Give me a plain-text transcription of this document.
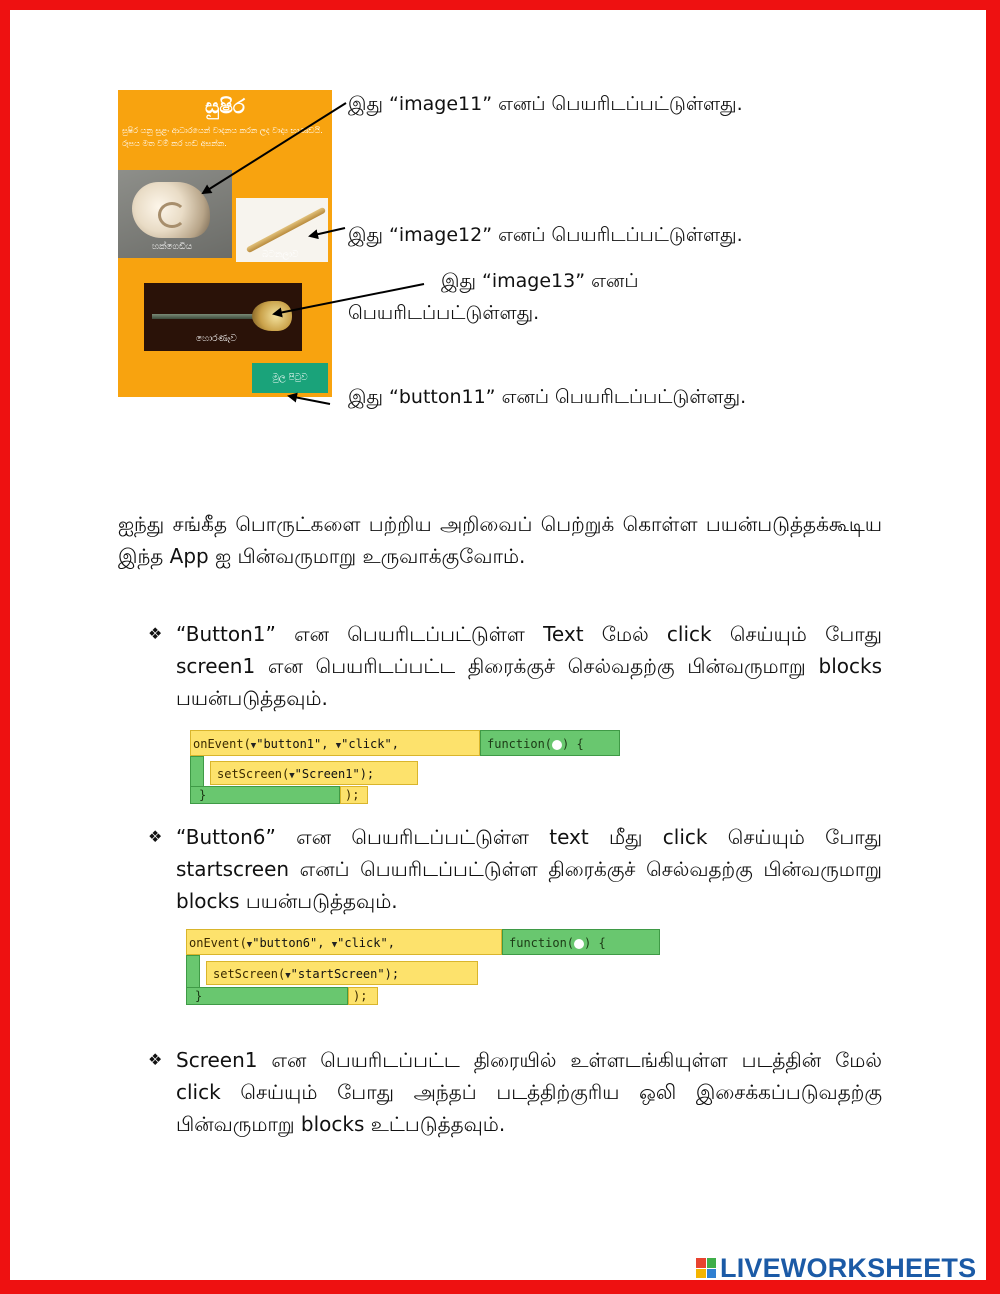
සුෂිර
සුෂිර යනු සුළං ආධාරයෙන් වාදනය කරන ලද වාද්‍ය භාණ්ඩයි. රූපය මත වම් කර හඬ අසන්න.
හක්ගෙඩිය
බටනලාව
හොරණෑව
මුල පිටුව
இது “image11” எனப் பெயரிடப்பட்டுள்ளது.
இது “image12” எனப் பெயரிடப்பட்டுள்ளது.
இது “image13” எனப்
பெயரிடப்பட்டுள்ளது.
இது “button11” எனப் பெயரிடப்பட்டுள்ளது.
ஐந்து சங்கீத பொருட்களை பற்றிய அறிவைப் பெற்றுக் கொள்ள பயன்படுத்தக்கூடிய இந்த App ஐ பின்வருமாறு உருவாக்குவோம்.
❖ “Button1” என பெயரிடப்பட்டுள்ள Text மேல் click செய்யும் போது screen1 என பெயரிடப்பட்ட திரைக்குச் செல்வதற்கு பின்வருமாறு blocks பயன்படுத்தவும்.
onEvent(▼"button1", ▼"click",	function( ) {
setScreen(▼"Screen1");
}	);
❖ “Button6” என பெயரிடப்பட்டுள்ள text மீது click செய்யும் போது startscreen எனப் பெயரிடப்பட்டுள்ள திரைக்குச் செல்வதற்கு பின்வருமாறு blocks பயன்படுத்தவும்.
onEvent(▼"button6", ▼"click",	function( ) {
setScreen(▼"startScreen");
}	);
❖ Screen1 என பெயரிடப்பட்ட திரையில் உள்ளடங்கியுள்ள படத்தின் மேல் click செய்யும் போது அந்தப் படத்திற்குரிய ஒலி இசைக்கப்படுவதற்கு பின்வருமாறு blocks உட்படுத்தவும்.
LIVEWORKSHEETS
